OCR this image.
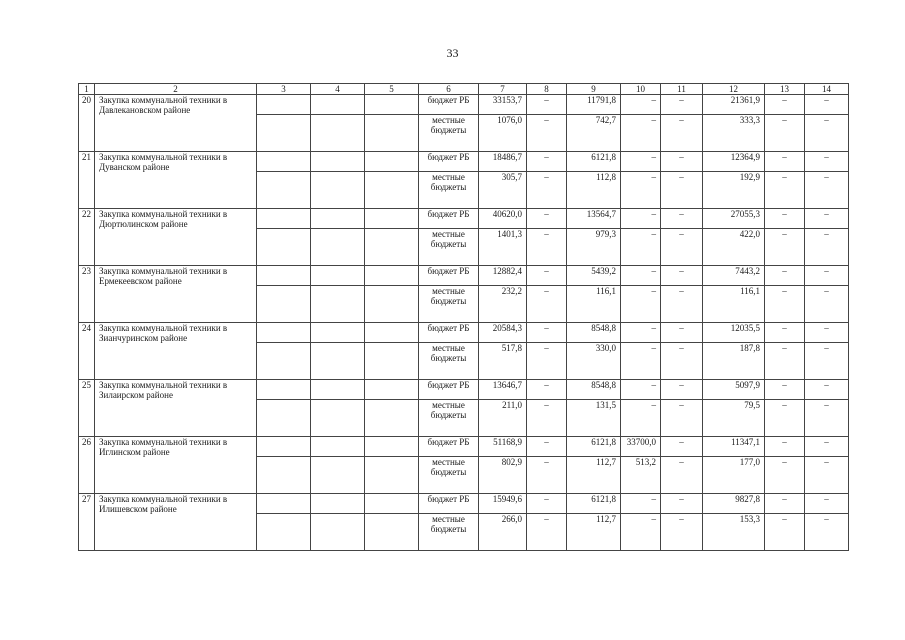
33
1	2	3	4	5	6	7	8	9	10	11	12	13	14
20	Закупка коммунальной техники в Давлекановском районе				бюджет РБ	33153,7	–	11791,8	–	–	21361,9	–	–
					местные бюджеты	1076,0	–	742,7	–	–	333,3	–	–
21	Закупка коммунальной техники в Дуванском районе				бюджет РБ	18486,7	–	6121,8	–	–	12364,9	–	–
					местные бюджеты	305,7	–	112,8	–	–	192,9	–	–
22	Закупка коммунальной техники в Дюртюлинском районе				бюджет РБ	40620,0	–	13564,7	–	–	27055,3	–	–
					местные бюджеты	1401,3	–	979,3	–	–	422,0	–	–
23	Закупка коммунальной техники в Ермекеевском районе				бюджет РБ	12882,4	–	5439,2	–	–	7443,2	–	–
					местные бюджеты	232,2	–	116,1	–	–	116,1	–	–
24	Закупка коммунальной техники в Зианчуринском районе				бюджет РБ	20584,3	–	8548,8	–	–	12035,5	–	–
					местные бюджеты	517,8	–	330,0	–	–	187,8	–	–
25	Закупка коммунальной техники в Зилаирском районе				бюджет РБ	13646,7	–	8548,8	–	–	5097,9	–	–
					местные бюджеты	211,0	–	131,5	–	–	79,5	–	–
26	Закупка коммунальной техники в Иглинском районе				бюджет РБ	51168,9	–	6121,8	33700,0	–	11347,1	–	–
					местные бюджеты	802,9	–	112,7	513,2	–	177,0	–	–
27	Закупка коммунальной техники в Илишевском районе				бюджет РБ	15949,6	–	6121,8	–	–	9827,8	–	–
					местные бюджеты	266,0	–	112,7	–	–	153,3	–	–
